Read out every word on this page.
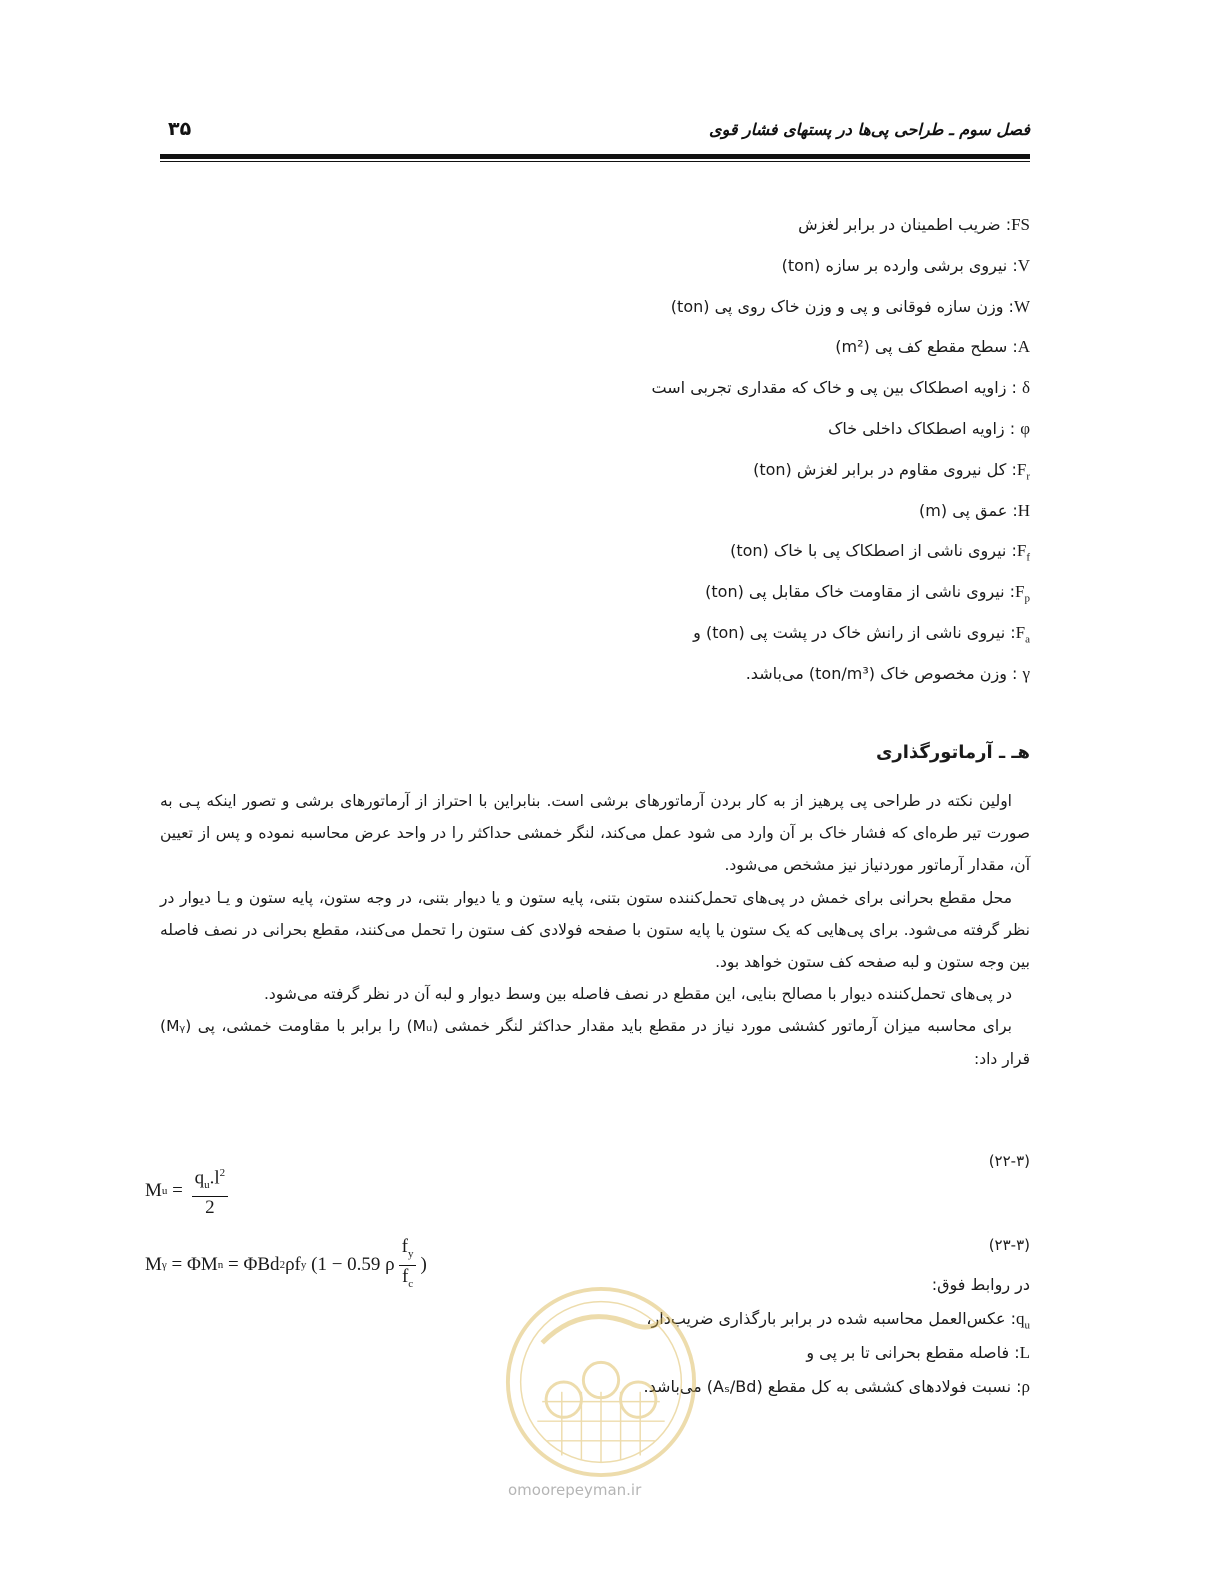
فصل سوم ـ طراحی پی‌ها در پستهای فشار قوی
۳۵
FS: ضریب اطمینان در برابر لغزش
V: نیروی برشی وارده بر سازه (ton)
W: وزن سازه فوقانی و پی و وزن خاک روی پی (ton)
A: سطح مقطع کف پی (m²)
δ : زاویه اصطکاک بین پی و خاک که مقداری تجربی است
φ : زاویه اصطکاک داخلی خاک
$F_r$: کل نیروی مقاوم در برابر لغزش (ton)
H: عمق پی (m)
$F_f$: نیروی ناشی از اصطکاک پی با خاک (ton)
$F_p$: نیروی ناشی از مقاومت خاک مقابل پی (ton)
$F_a$: نیروی ناشی از رانش خاک در پشت پی (ton) و
γ : وزن مخصوص خاک (ton/m³) می‌باشد.
هـ ـ آرماتورگذاری

اولین نکته در طراحی پی پرهیز از به کار بردن آرماتورهای برشی است. بنابراین با احتراز از آرماتورهای برشی و تصور اینکه پـی به صورت تیر طره‌ای که فشار خاک بر آن وارد می شود عمل می‌کند، لنگر خمشی حداکثر را در واحد عرض محاسبه نموده و پس از تعیین آن، مقدار آرماتور موردنیاز نیز مشخص می‌شود.

محل مقطع بحرانی برای خمش در پی‌های تحمل‌کننده ستون بتنی، پایه ستون و یا دیوار بتنی، در وجه ستون، پایه ستون و یـا دیوار در نظر گرفته می‌شود. برای پی‌هایی که یک ستون یا پایه ستون با صفحه فولادی کف ستون را تحمل می‌کنند، مقطع بحرانی در نصف فاصله بین وجه ستون و لبه صفحه کف ستون خواهد بود.

در پی‌های تحمل‌کننده دیوار با مصالح بنایی، این مقطع در نصف فاصله بین وسط دیوار و لبه آن در نظر گرفته می‌شود.

برای محاسبه میزان آرماتور کششی مورد نیاز در مقطع باید مقدار حداکثر لنگر خمشی (Mᵤ) را برابر با مقاومت خمشی، پی (Mᵧ) قرار داد:

(۲۲-۳)
M $u = \frac{q_u.l^2}{2}$
(۲۳-۳)
M γ
= ΦM n
= ΦBd 2 ρf y
(1 − 0.59 ρ $\frac{f_y}{f_c}$ )
در روابط فوق:
$q_u$: عکس‌العمل محاسبه شده در برابر بارگذاری ضریب‌دار،
L: فاصله مقطع بحرانی تا بر پی و
ρ: نسبت فولادهای کششی به کل مقطع (Aₛ/Bd) می‌باشد.
omoorepeyman.ir
